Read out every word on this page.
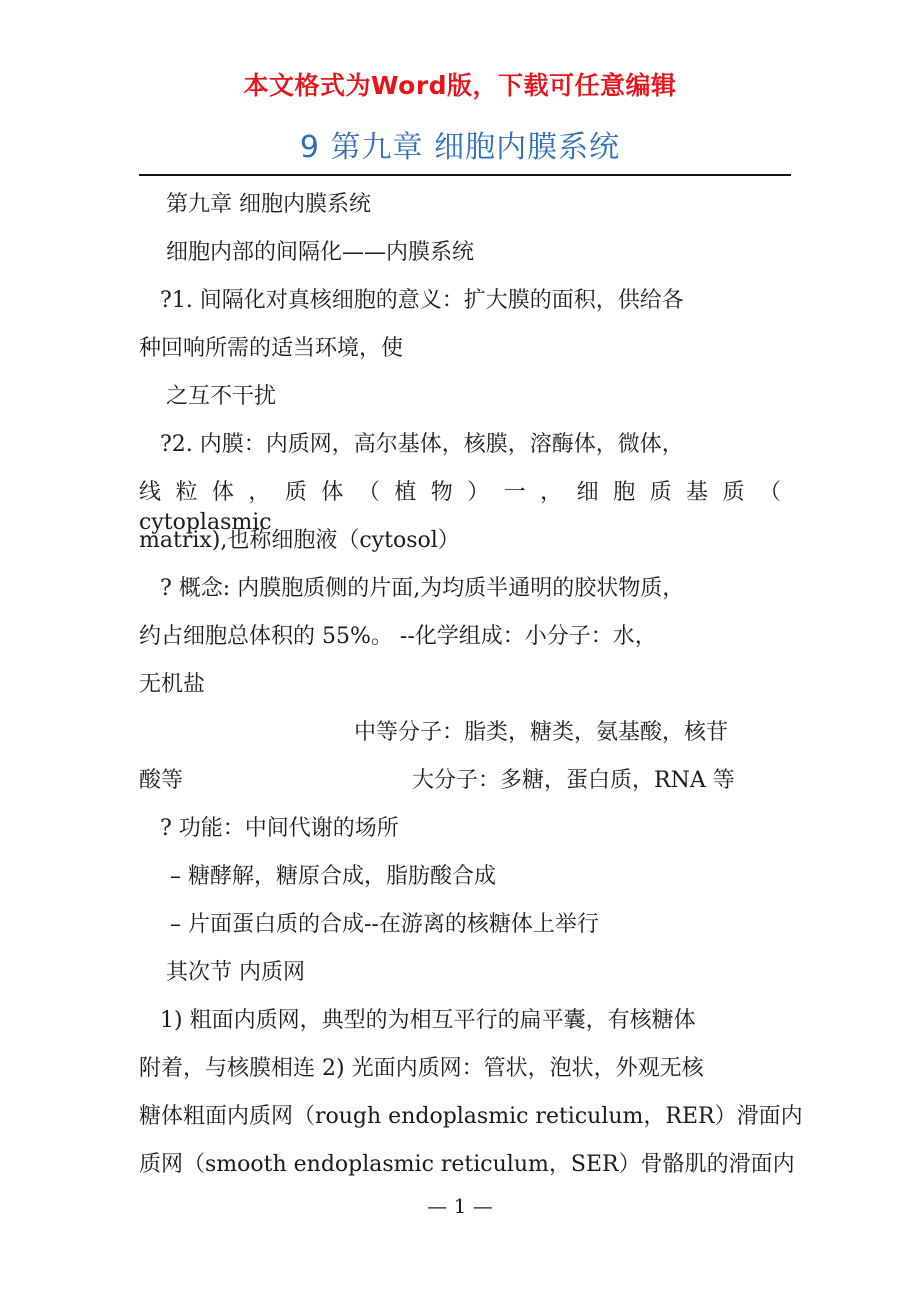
本文格式为Word版，下载可任意编辑
9 第九章 细胞内膜系统
第九章 细胞内膜系统
细胞内部的间隔化——内膜系统
?1. 间隔化对真核细胞的意义：扩大膜的面积，供给各
种回响所需的适当环境，使
之互不干扰
?2. 内膜：内质网，高尔基体，核膜，溶酶体，微体，
线 粒 体 ， 质 体 （ 植 物 ） 一 ， 细 胞 质 基 质 （ cytoplasmic
matrix),也称细胞液（cytosol）
? 概念: 内膜胞质侧的片面,为均质半通明的胶状物质，
约占细胞总体积的 55%。 --化学组成：小分子：水，
无机盐
中等分子：脂类，糖类，氨基酸，核苷
酸等	大分子：多糖，蛋白质，RNA 等
? 功能：中间代谢的场所
– 糖酵解，糖原合成，脂肪酸合成
– 片面蛋白质的合成--在游离的核糖体上举行
其次节 内质网
1) 粗面内质网，典型的为相互平行的扁平囊，有核糖体
附着，与核膜相连 2) 光面内质网：管状，泡状，外观无核
糖体粗面内质网（rough endoplasmic reticulum，RER）滑面内
质网（smooth endoplasmic reticulum，SER）骨骼肌的滑面内
— 1 —
